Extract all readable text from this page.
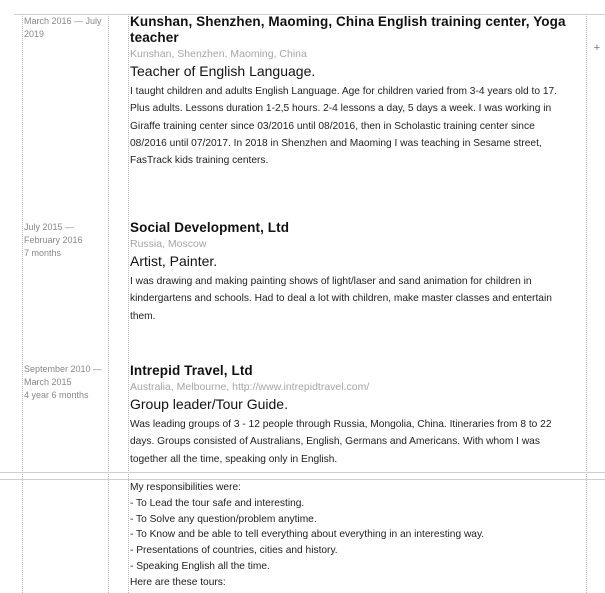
+
March 2016 — July 2019
Kunshan, Shenzhen, Maoming, China English training center, Yoga teacher
Kunshan, Shenzhen, Maoming, China
Teacher of English Language.
I taught children and adults English Language. Age for children varied from 3-4 years old to 17. Plus adults. Lessons duration 1-2,5 hours. 2-4 lessons a day, 5 days a week. I was working in Giraffe training center since 03/2016 until 08/2016, then in Scholastic training center since 08/2016 until 07/2017. In 2018 in Shenzhen and Maoming I was teaching in Sesame street, FasTrack kids training centers.
July 2015 — February 2016
7 months
Social Development, Ltd
Russia, Moscow
Artist, Painter.
I was drawing and making painting shows of light/laser and sand animation for children in kindergartens and schools. Had to deal a lot with children, make master classes and entertain them.
September 2010 — March 2015
4 year 6 months
Intrepid Travel, Ltd
Australia, Melbourne, http://www.intrepidtravel.com/
Group leader/Tour Guide.
Was leading groups of 3 - 12 people through Russia, Mongolia, China. Itineraries from 8 to 22 days. Groups consisted of Australians, English, Germans and Americans. With whom I was together all the time, speaking only in English.
My responsibilities were:
- To Lead the tour safe and interesting.
- To Solve any question/problem anytime.
- To Know and be able to tell everything about everything in an interesting way.
- Presentations of countries, cities and history.
- Speaking English all the time.
Here are these tours:
